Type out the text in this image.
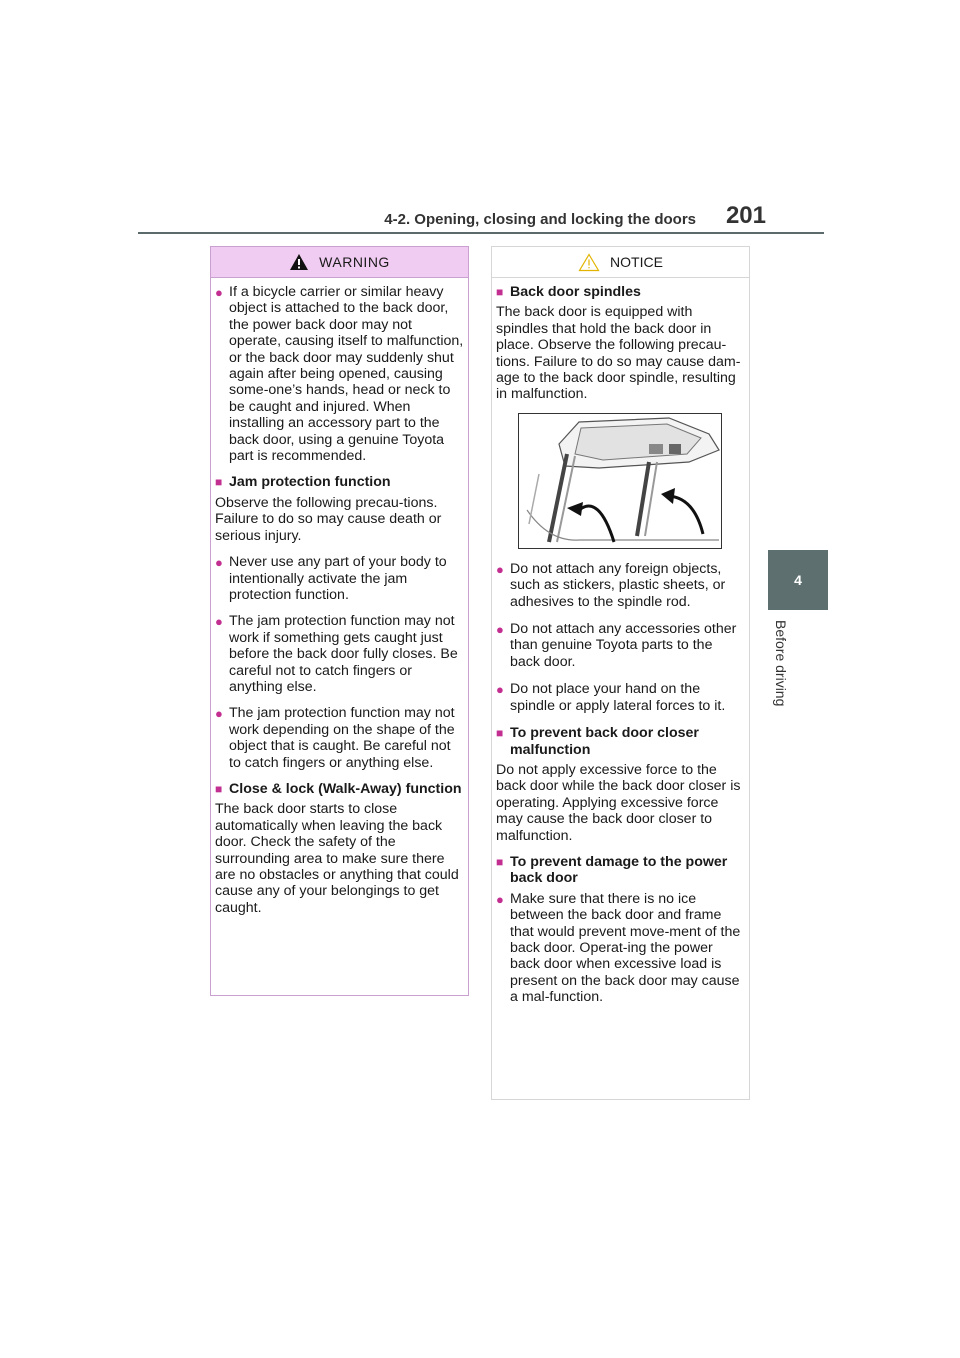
4-2. Opening, closing and locking the doors 201
4
Before driving
WARNING
● If a bicycle carrier or similar heavy object is attached to the back door, the power back door may not operate, causing itself to malfunction, or the back door may suddenly shut again after being opened, causing some-one’s hands, head or neck to be caught and injured. When installing an accessory part to the back door, using a genuine Toyota part is recommended.
■ Jam protection function
Observe the following precau-tions. Failure to do so may cause death or serious injury.
● Never use any part of your body to intentionally activate the jam protection function.
● The jam protection function may not work if something gets caught just before the back door fully closes. Be careful not to catch fingers or anything else.
● The jam protection function may not work depending on the shape of the object that is caught. Be careful not to catch fingers or anything else.
■ Close & lock (Walk-Away) function
The back door starts to close automatically when leaving the back door. Check the safety of the surrounding area to make sure there are no obstacles or anything that could cause any of your belongings to get caught.
NOTICE
■ Back door spindles
The back door is equipped with spindles that hold the back door in place. Observe the following precau-tions. Failure to do so may cause dam-age to the back door spindle, resulting in malfunction.
● Do not attach any foreign objects, such as stickers, plastic sheets, or adhesives to the spindle rod.
● Do not attach any accessories other than genuine Toyota parts to the back door.
● Do not place your hand on the spindle or apply lateral forces to it.
■ To prevent back door closer malfunction
Do not apply excessive force to the back door while the back door closer is operating. Applying excessive force may cause the back door closer to malfunction.
■ To prevent damage to the power back door
● Make sure that there is no ice between the back door and frame that would prevent move-ment of the back door. Operat-ing the power back door when excessive load is present on the back door may cause a mal-function.
